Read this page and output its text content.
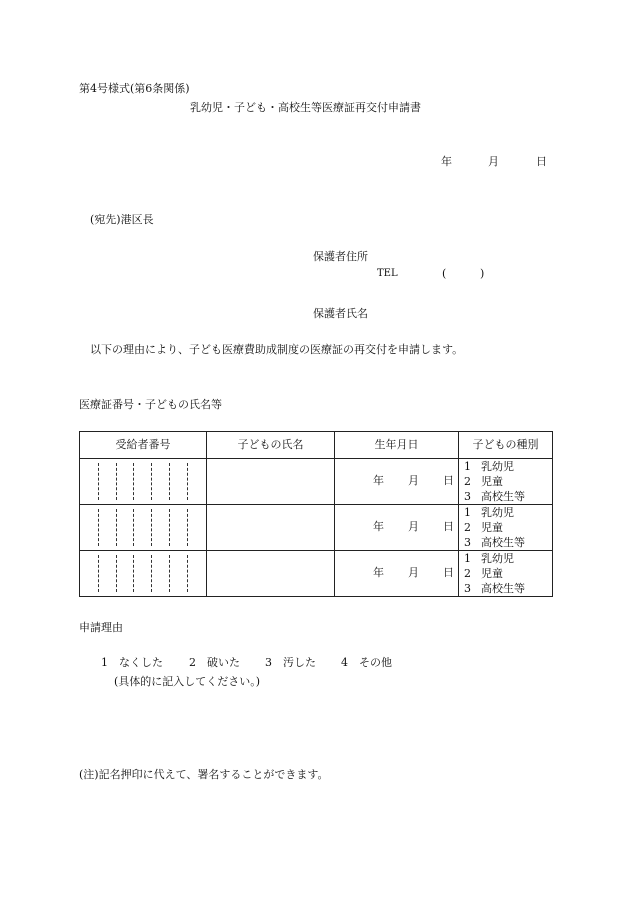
第4号様式(第6条関係)
乳幼児・子ども・高校生等医療証再交付申請書
年	月	日
(宛先)港区長
保護者住所
TEL	(	)
保護者氏名
以下の理由により、子ども医療費助成制度の医療証の再交付を申請します。
医療証番号・子どもの氏名等
受給者番号	子どもの氏名	生年月日	子どもの種別

		年 月 日	1 乳幼児
2 児童
3 高校生等

		年 月 日	1 乳幼児
2 児童
3 高校生等

		年 月 日	1 乳幼児
2 児童
3 高校生等
申請理由
1　なくした 2　破いた 3　汚した 4　その他
(具体的に記入してください。)
(注)記名押印に代えて、署名することができます。
